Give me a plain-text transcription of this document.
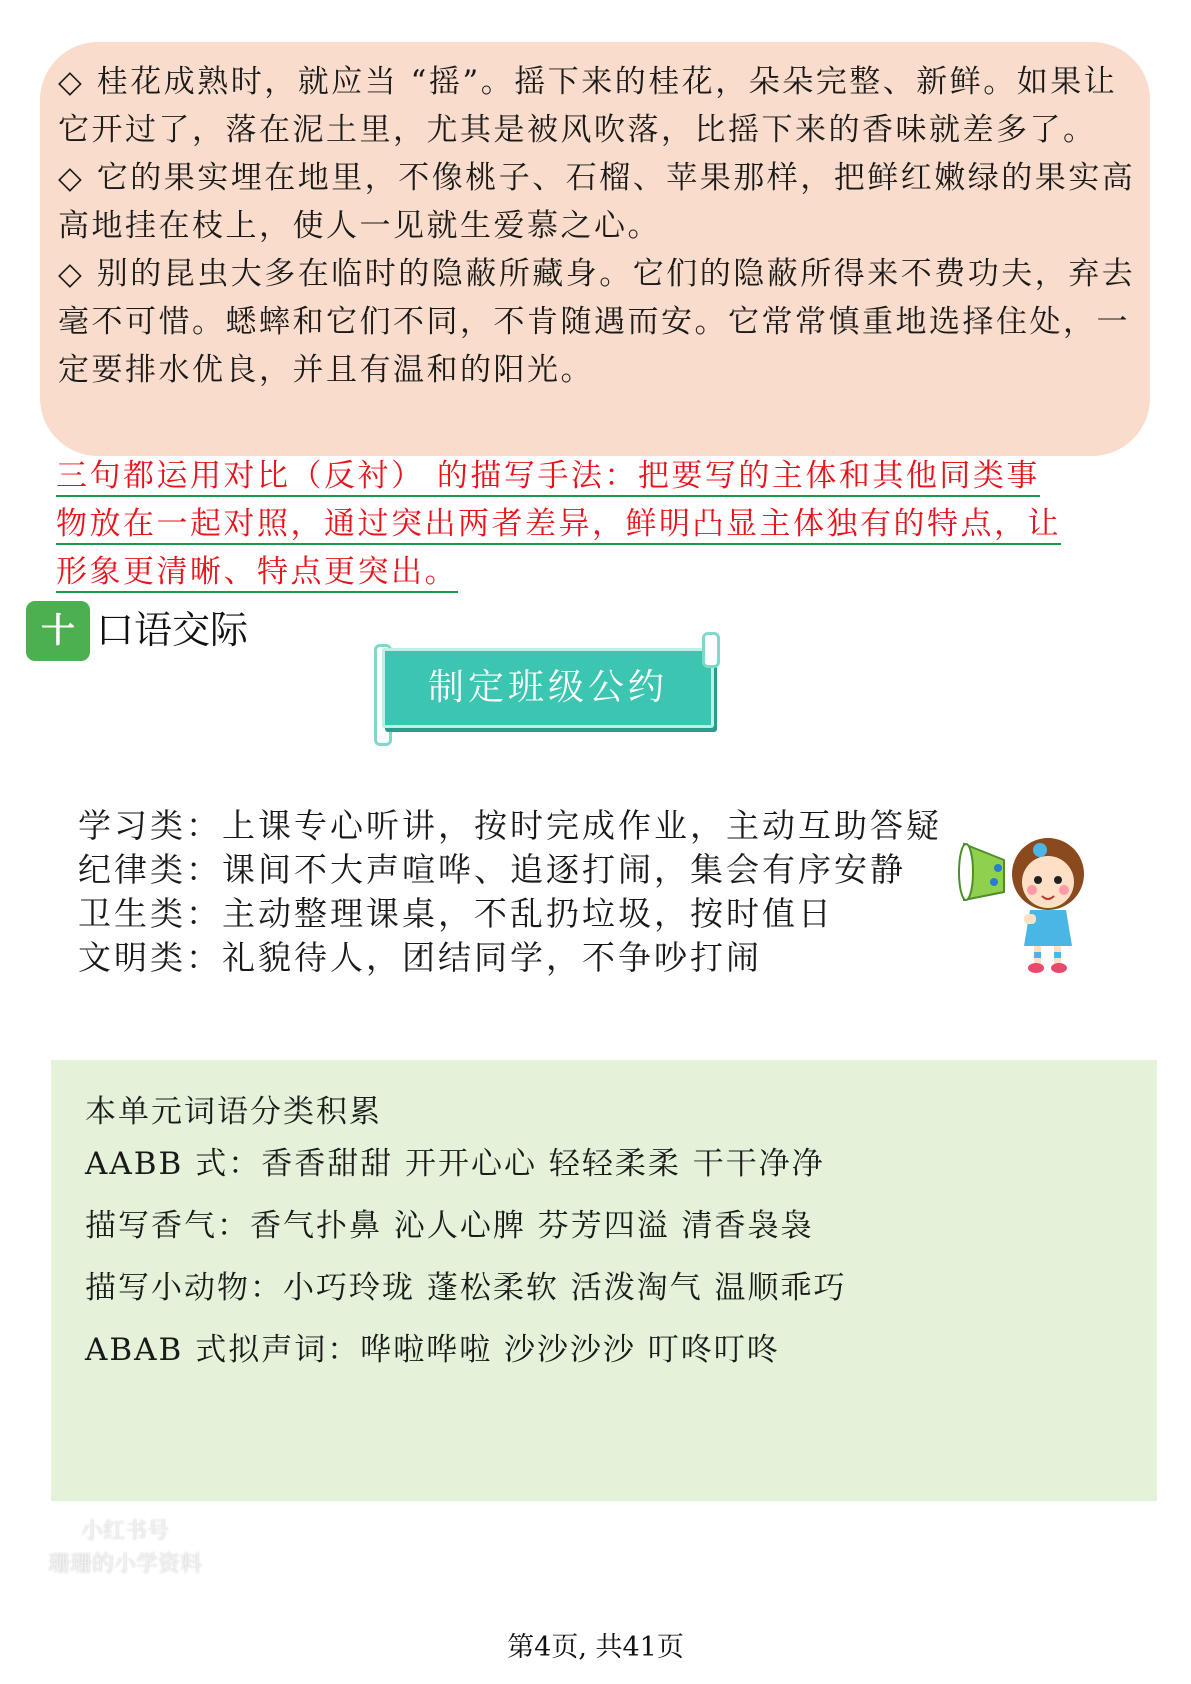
◇ 桂花成熟时，就应当 “摇”。摇下来的桂花，朵朵完整、新鲜。如果让它开过了，落在泥土里，尤其是被风吹落，比摇下来的香味就差多了。

◇ 它的果实埋在地里，不像桃子、石榴、苹果那样，把鲜红嫩绿的果实高高地挂在枝上，使人一见就生爱慕之心。

◇ 别的昆虫大多在临时的隐蔽所藏身。它们的隐蔽所得来不费功夫，弃去毫不可惜。蟋蟀和它们不同，不肯随遇而安。它常常慎重地选择住处，一定要排水优良，并且有温和的阳光。

三句都运用对比（反衬） 的描写手法：把要写的主体和其他同类事
物放在一起对照，通过突出两者差异，鲜明凸显主体独有的特点，让
形象更清晰、特点更突出。
十一
口语交际
制定班级公约
学习类：上课专心听讲，按时完成作业，主动互助答疑
纪律类：课间不大声喧哗、追逐打闹，集会有序安静
卫生类：主动整理课桌，不乱扔垃圾，按时值日
文明类：礼貌待人，团结同学，不争吵打闹
本单元词语分类积累
AABB 式：香香甜甜 开开心心 轻轻柔柔 干干净净
描写香气：香气扑鼻 沁人心脾 芬芳四溢 清香袅袅
描写小动物：小巧玲珑 蓬松柔软 活泼淘气 温顺乖巧
ABAB 式拟声词：哗啦哗啦 沙沙沙沙 叮咚叮咚
小红书号
珊珊的小学资料
第4页, 共41页
